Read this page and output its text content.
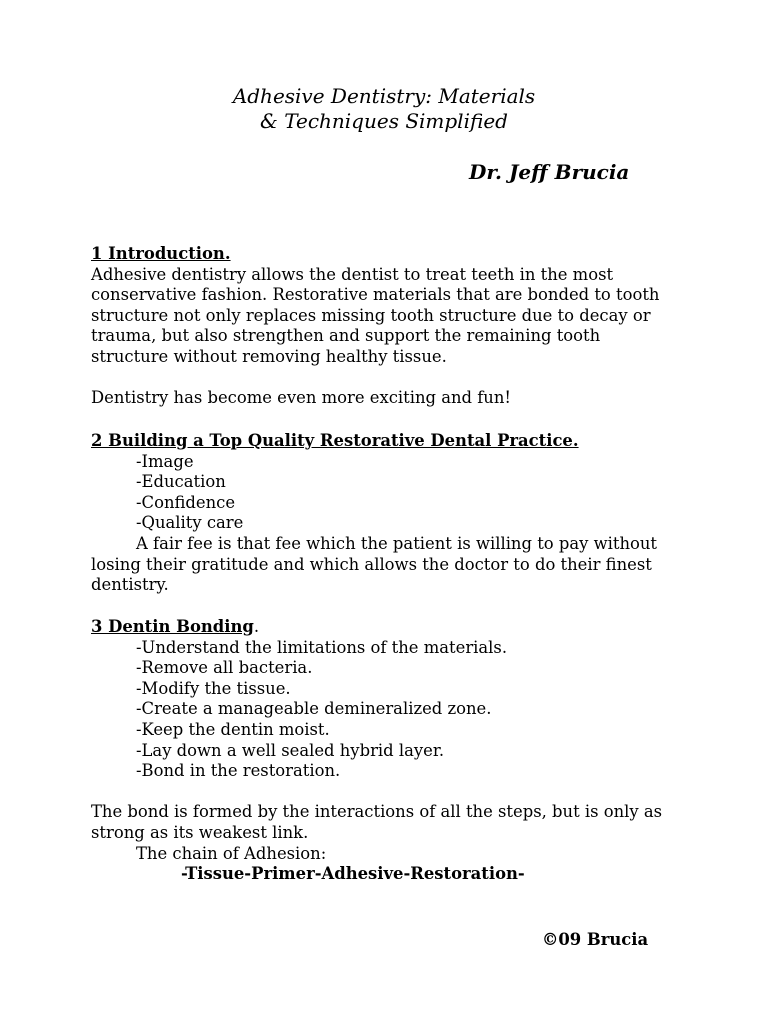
Adhesive Dentistry: Materials
& Techniques Simplified
Dr. Jeff Brucia
1 Introduction.
Adhesive dentistry allows the dentist to treat teeth in the most
conservative fashion. Restorative materials that are bonded to tooth
structure not only replaces missing tooth structure due to decay or
trauma, but also strengthen and support the remaining tooth
structure without removing healthy tissue.
Dentistry has become even more exciting and fun!
2 Building a Top Quality Restorative Dental Practice.
-Image
-Education
-Confidence
-Quality care
A fair fee is that fee which the patient is willing to pay without
losing their gratitude and which allows the doctor to do their finest
dentistry.
3 Dentin Bonding.
-Understand the limitations of the materials.
-Remove all bacteria.
-Modify the tissue.
-Create a manageable demineralized zone.
-Keep the dentin moist.
-Lay down a well sealed hybrid layer.
-Bond in the restoration.
The bond is formed by the interactions of all the steps, but is only as
strong as its weakest link.
The chain of Adhesion:
-Tissue-Primer-Adhesive-Restoration-
©09 Brucia
